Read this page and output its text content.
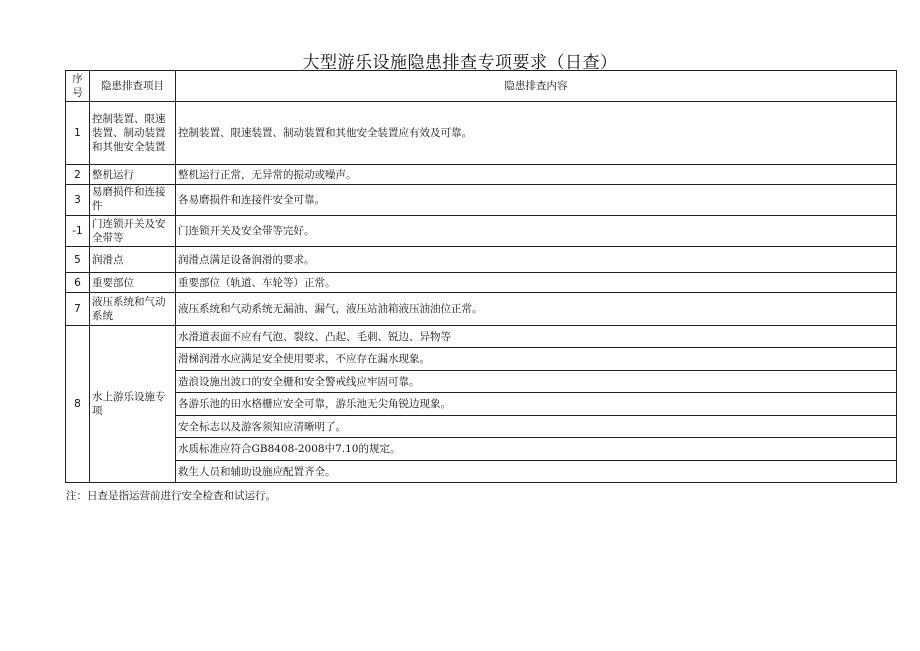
大型游乐设施隐患排查专项要求（日查）
序号	隐患排查项目	隐患排查内容
1	控制装置、限速装置、制动装置和其他安全装置	控制装置、限速装置、制动装置和其他安全装置应有效及可靠。
2	整机运行	整机运行正常，无异常的振动或噪声。
3	易磨损件和连接件	各易磨损件和连接件安全可靠。
-1	门连锁开关及安全带等	门连锁开关及安全带等完好。
5	润滑点	润滑点满足设备润滑的要求。
6	重要部位	重要部位（轨道、车轮等）正常。
7	液压系统和气动系统	液压系统和气动系统无漏油、漏气，液压站油箱液压油油位正常。
8	水上游乐设施专项	水滑道表面不应有气泡、裂纹、凸起、毛刺、锐边、异物等
		滑梯润滑水应满足安全使用要求，不应存在漏水现象。
		造浪设施出波口的安全栅和安全警戒线应牢固可靠。
		各游乐池的田水格栅应安全可靠，游乐池无尖角锐边现象。
		安全标志以及游客须知应清晰明了。
		水质标准应符合GB8408-2008中7.10的规定。
		救生人员和辅助设施应配置齐全。
注：日查是指运营前进行安全检查和试运行。
